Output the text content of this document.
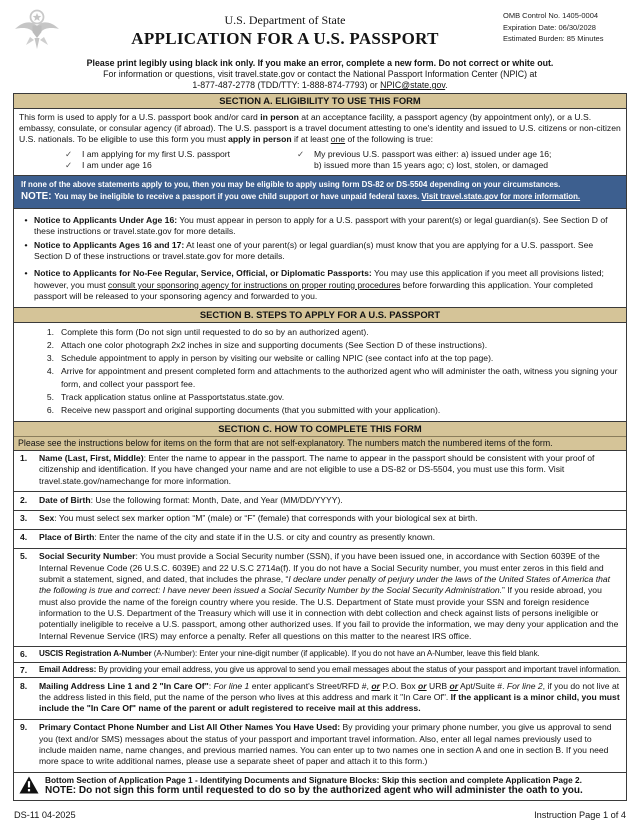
U.S. Department of State
APPLICATION FOR A U.S. PASSPORT
OMB Control No. 1405-0004
Expiration Date: 06/30/2028
Estimated Burden: 85 Minutes
Please print legibly using black ink only. If you make an error, complete a new form. Do not correct or white out.
For information or questions, visit travel.state.gov or contact the National Passport Information Center (NPIC) at
1-877-487-2778 (TDD/TTY: 1-888-874-7793) or NPIC@state.gov.
SECTION A. ELIGIBILITY TO USE THIS FORM
This form is used to apply for a U.S. passport book and/or card in person at an acceptance facility, a passport agency (by appointment only), or a U.S. embassy, consulate, or consular agency (if abroad). The U.S. passport is a travel document attesting to one's identity and issued to U.S. citizens or non-citizen U.S. nationals. To be eligible to use this form you must apply in person if at least one of the following is true:
✓	I am applying for my first U.S. passport
✓	I am under age 16
✓	My previous U.S. passport was either: a) issued under age 16;
b) issued more than 15 years ago; c) lost, stolen, or damaged
If none of the above statements apply to you, then you may be eligible to apply using form DS-82 or DS-5504 depending on your circumstances.
NOTE: You may be ineligible to receive a passport if you owe child support or have unpaid federal taxes. Visit travel.state.gov for more information.
• Notice to Applicants Under Age 16: You must appear in person to apply for a U.S. passport with your parent(s) or legal guardian(s). See Section D of these instructions or travel.state.gov for more details.
• Notice to Applicants Ages 16 and 17: At least one of your parent(s) or legal guardian(s) must know that you are applying for a U.S. passport. See Section D of these instructions or travel.state.gov for more details.
• Notice to Applicants for No-Fee Regular, Service, Official, or Diplomatic Passports: You may use this application if you meet all provisions listed; however, you must consult your sponsoring agency for instructions on proper routing procedures before forwarding this application. Your completed passport will be released to your sponsoring agency and forwarded to you.
SECTION B. STEPS TO APPLY FOR A U.S. PASSPORT
1. Complete this form (Do not sign until requested to do so by an authorized agent).
2. Attach one color photograph 2x2 inches in size and supporting documents (See Section D of these instructions).
3. Schedule appointment to apply in person by visiting our website or calling NPIC (see contact info at the top page).
4. Arrive for appointment and present completed form and attachments to the authorized agent who will administer the oath, witness you signing your form, and collect your passport fee.
5. Track application status online at Passportstatus.state.gov.
6. Receive new passport and original supporting documents (that you submitted with your application).
SECTION C. HOW TO COMPLETE THIS FORM
Please see the instructions below for items on the form that are not self-explanatory. The numbers match the numbered items of the form.
1.	Name (Last, First, Middle): Enter the name to appear in the passport. The name to appear in the passport should be consistent with your proof of citizenship and identification. If you have changed your name and are not eligible to use a DS-82 or DS-5504, you must use this form. Visit travel.state.gov/namechange for more information.
2.	Date of Birth: Use the following format: Month, Date, and Year (MM/DD/YYYY).
3.	Sex: You must select sex marker option “M” (male) or “F” (female) that corresponds with your biological sex at birth.
4.	Place of Birth: Enter the name of the city and state if in the U.S. or city and country as presently known.
5.	Social Security Number: You must provide a Social Security number (SSN), if you have been issued one, in accordance with Section 6039E of the Internal Revenue Code (26 U.S.C. 6039E) and 22 U.S.C 2714a(f). If you do not have a Social Security number, you must enter zeros in this field and submit a statement, signed, and dated, that includes the phrase, “I declare under penalty of perjury under the laws of the United States of America that the following is true and correct: I have never been issued a Social Security Number by the Social Security Administration.” If you reside abroad, you must also provide the name of the foreign country where you reside. The U.S. Department of State must provide your SSN and foreign residence information to the U.S. Department of the Treasury which will use it in connection with debt collection and check against lists of persons ineligible or potentially ineligible to receive a U.S. passport, among other authorized uses. If you fail to provide the information, we may deny your application and the Internal Revenue Service (IRS) may enforce a penalty. Refer all questions on this matter to the nearest IRS office.
6.	USCIS Registration A-Number (A-Number): Enter your nine-digit number (if applicable). If you do not have an A-Number, leave this field blank.
7.	Email Address: By providing your email address, you give us approval to send you email messages about the status of your passport and important travel information.
8.	Mailing Address Line 1 and 2 "In Care Of": For line 1 enter applicant's Street/RFD #, or P.O. Box or URB or Apt/Suite #. For line 2, if you do not live at the address listed in this field, put the name of the person who lives at this address and mark it "In Care Of". If the applicant is a minor child, you must include the "In Care Of" name of the parent or adult registered to receive mail at this address.
9.	Primary Contact Phone Number and List All Other Names You Have Used: By providing your primary phone number, you give us approval to send you (text and/or SMS) messages about the status of your passport and important travel information. Also, enter all legal names previously used to include maiden name, name changes, and previous married names. You can enter up to two names one in section A and one in section B. If you need more space to write additional names, please use a separate sheet of paper and attach it to this form.)
Bottom Section of Application Page 1 - Identifying Documents and Signature Blocks: Skip this section and complete Application Page 2.
NOTE: Do not sign this form until requested to do so by the authorized agent who will administer the oath to you.
DS-11 04-2025	Instruction Page 1 of 4
